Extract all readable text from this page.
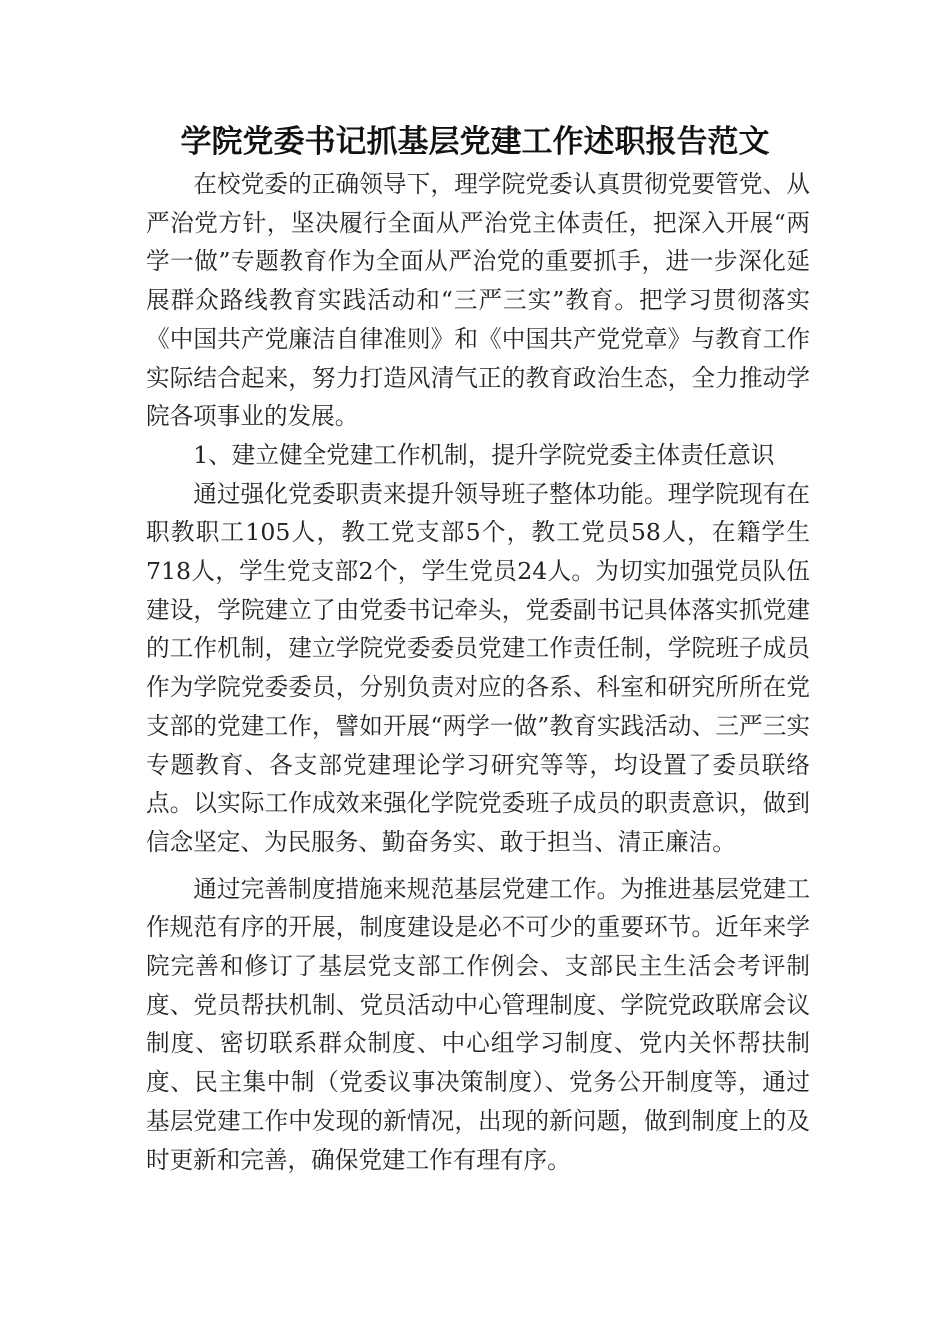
学院党委书记抓基层党建工作述职报告范文

在校党委的正确领导下，理学院党委认真贯彻党要管党、从严治党方针，坚决履行全面从严治党主体责任，把深入开展“两学一做”专题教育作为全面从严治党的重要抓手，进一步深化延展群众路线教育实践活动和“三严三实”教育。把学习贯彻落实《中国共产党廉洁自律准则》和《中国共产党党章》与教育工作实际结合起来，努力打造风清气正的教育政治生态，全力推动学院各项事业的发展。

1、建立健全党建工作机制，提升学院党委主体责任意识

通过强化党委职责来提升领导班子整体功能。理学院现有在职教职工105人，教工党支部5个，教工党员58人，在籍学生718人，学生党支部2个，学生党员24人。为切实加强党员队伍建设，学院建立了由党委书记牵头，党委副书记具体落实抓党建的工作机制，建立学院党委委员党建工作责任制，学院班子成员作为学院党委委员，分别负责对应的各系、科室和研究所所在党支部的党建工作，譬如开展“两学一做”教育实践活动、三严三实专题教育、各支部党建理论学习研究等等，均设置了委员联络点。以实际工作成效来强化学院党委班子成员的职责意识，做到信念坚定、为民服务、勤奋务实、敢于担当、清正廉洁。

通过完善制度措施来规范基层党建工作。为推进基层党建工作规范有序的开展，制度建设是必不可少的重要环节。近年来学院完善和修订了基层党支部工作例会、支部民主生活会考评制度、党员帮扶机制、党员活动中心管理制度、学院党政联席会议制度、密切联系群众制度、中心组学习制度、党内关怀帮扶制度、民主集中制（党委议事决策制度）、党务公开制度等，通过基层党建工作中发现的新情况，出现的新问题，做到制度上的及时更新和完善，确保党建工作有理有序。
